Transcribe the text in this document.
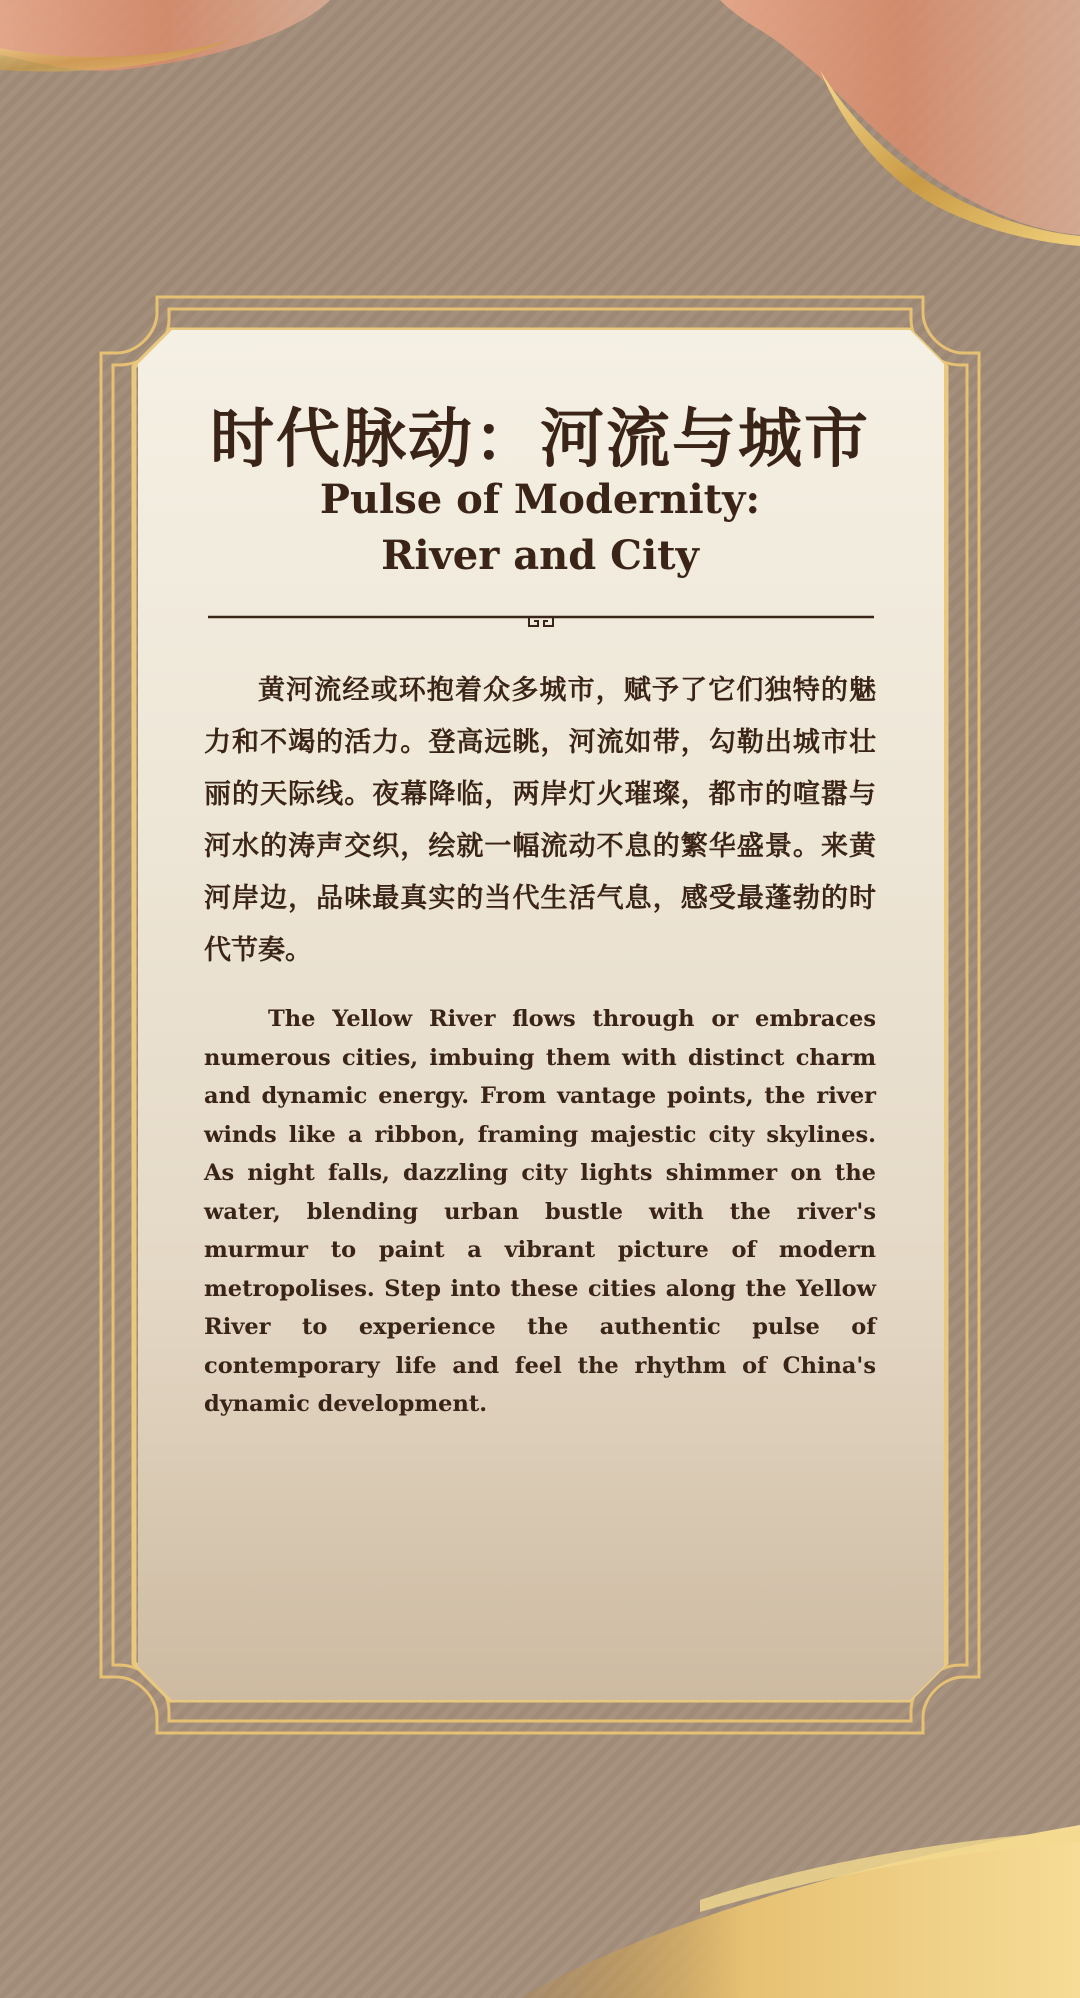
时代脉动：河流与城市
Pulse of Modernity:
River and City

黄河流经或环抱着众多城市，赋予了它们独特的魅力和不竭的活力。登高远眺，河流如带，勾勒出城市壮丽的天际线。夜幕降临，两岸灯火璀璨，都市的喧嚣与河水的涛声交织，绘就一幅流动不息的繁华盛景。来黄河岸边，品味最真实的当代生活气息，感受最蓬勃的时代节奏。

The Yellow River flows through or embraces numerous cities, imbuing them with distinct charm and dynamic energy. From vantage points, the river winds like a ribbon, framing majestic city skylines. As night falls, dazzling city lights shimmer on the water, blending urban bustle with the river's murmur to paint a vibrant picture of modern metropolises. Step into these cities along the Yellow River to experience the authentic pulse of contemporary life and feel the rhythm of China's dynamic development.
